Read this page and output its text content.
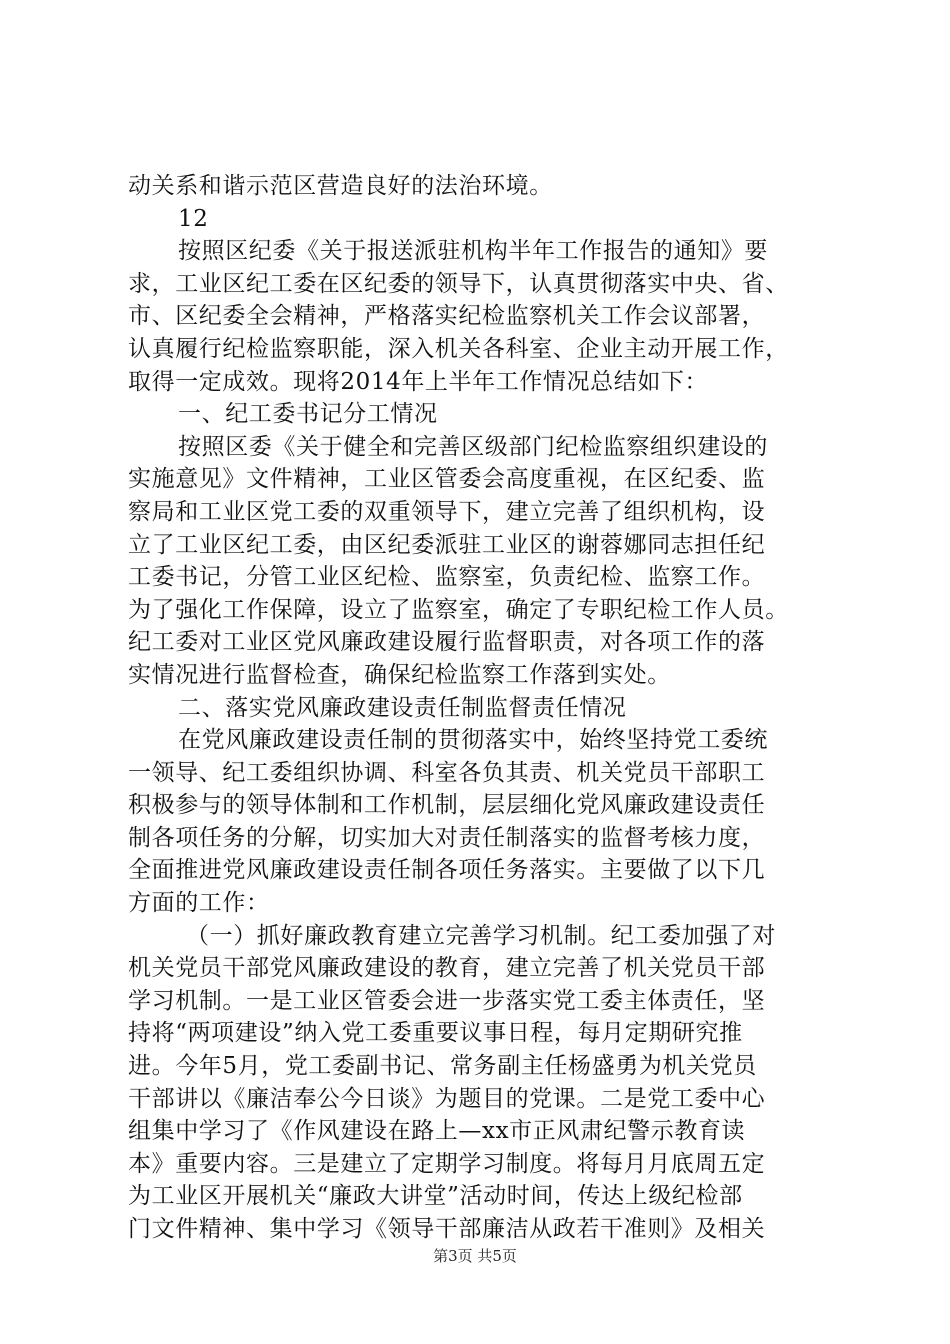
动关系和谐示范区营造良好的法治环境。
12
按照区纪委《关于报送派驻机构半年工作报告的通知》要
求，工业区纪工委在区纪委的领导下，认真贯彻落实中央、省、
市、区纪委全会精神，严格落实纪检监察机关工作会议部署，
认真履行纪检监察职能，深入机关各科室、企业主动开展工作，
取得一定成效。现将2014年上半年工作情况总结如下：
一、纪工委书记分工情况
按照区委《关于健全和完善区级部门纪检监察组织建设的
实施意见》文件精神，工业区管委会高度重视，在区纪委、监
察局和工业区党工委的双重领导下，建立完善了组织机构，设
立了工业区纪工委，由区纪委派驻工业区的谢蓉娜同志担任纪
工委书记，分管工业区纪检、监察室，负责纪检、监察工作。
为了强化工作保障，设立了监察室，确定了专职纪检工作人员。
纪工委对工业区党风廉政建设履行监督职责，对各项工作的落
实情况进行监督检查，确保纪检监察工作落到实处。
二、落实党风廉政建设责任制监督责任情况
在党风廉政建设责任制的贯彻落实中，始终坚持党工委统
一领导、纪工委组织协调、科室各负其责、机关党员干部职工
积极参与的领导体制和工作机制，层层细化党风廉政建设责任
制各项任务的分解，切实加大对责任制落实的监督考核力度，
全面推进党风廉政建设责任制各项任务落实。主要做了以下几
方面的工作：
（一）抓好廉政教育建立完善学习机制。纪工委加强了对
机关党员干部党风廉政建设的教育，建立完善了机关党员干部
学习机制。一是工业区管委会进一步落实党工委主体责任，坚
持将“两项建设”纳入党工委重要议事日程，每月定期研究推
进。今年5月，党工委副书记、常务副主任杨盛勇为机关党员
干部讲以《廉洁奉公今日谈》为题目的党课。二是党工委中心
组集中学习了《作风建设在路上—xx市正风肃纪警示教育读
本》重要内容。三是建立了定期学习制度。将每月月底周五定
为工业区开展机关“廉政大讲堂”活动时间，传达上级纪检部
门文件精神、集中学习《领导干部廉洁从政若干准则》及相关
第3页 共5页
